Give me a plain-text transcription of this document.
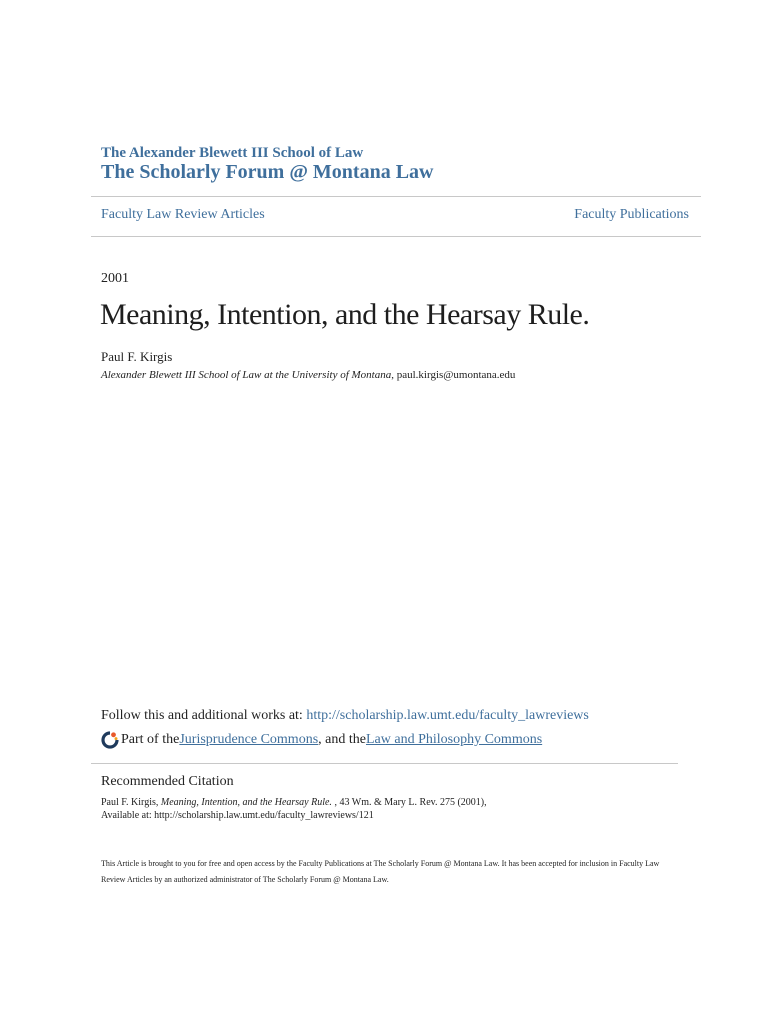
The Alexander Blewett III School of Law
The Scholarly Forum @ Montana Law
Faculty Law Review Articles	Faculty Publications
2001
Meaning, Intention, and the Hearsay Rule.
Paul F. Kirgis
Alexander Blewett III School of Law at the University of Montana, paul.kirgis@umontana.edu
Follow this and additional works at: http://scholarship.law.umt.edu/faculty_lawreviews
Part of the Jurisprudence Commons , and the Law and Philosophy Commons
Recommended Citation
Paul F. Kirgis, Meaning, Intention, and the Hearsay Rule. , 43 Wm. & Mary L. Rev. 275 (2001),
Available at: http://scholarship.law.umt.edu/faculty_lawreviews/121
This Article is brought to you for free and open access by the Faculty Publications at The Scholarly Forum @ Montana Law. It has been accepted for inclusion in Faculty Law Review Articles by an authorized administrator of The Scholarly Forum @ Montana Law.
